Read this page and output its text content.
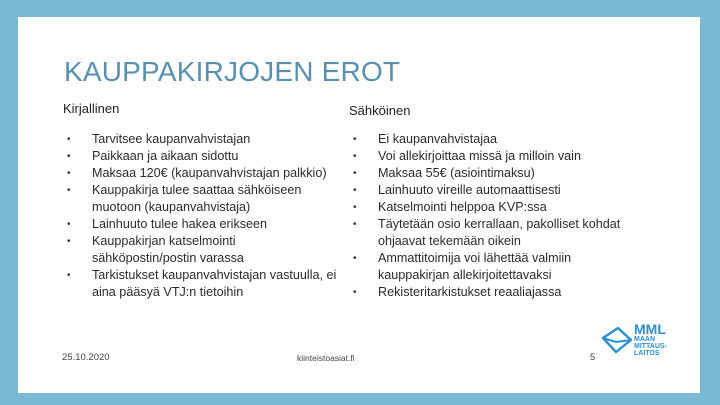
KAUPPAKIRJOJEN EROT
Kirjallinen	Sähköinen
• Tarvitsee kaupanvahvistajan
• Paikkaan ja aikaan sidottu
• Maksaa 120€ (kaupanvahvistajan palkkio)
• Kauppakirja tulee saattaa sähköiseen muotoon (kaupanvahvistaja)
• Lainhuuto tulee hakea erikseen
• Kauppakirjan katselmointi sähköpostin/postin varassa
• Tarkistukset kaupanvahvistajan vastuulla, ei aina pääsyä VTJ:n tietoihin
• Ei kaupanvahvistajaa
• Voi allekirjoittaa missä ja milloin vain
• Maksaa 55€ (asiointimaksu)
• Lainhuuto vireille automaattisesti
• Katselmointi helppoa KVP:ssa
• Täytetään osio kerrallaan, pakolliset kohdat ohjaavat tekemään oikein
• Ammattitoimija voi lähettää valmiin kauppakirjan allekirjoitettavaksi
• Rekisteritarkistukset reaaliajassa
25.10.2020	kiinteistoasiat.fi	5
MML
MAAN
MITTAUS-
LAITOS
